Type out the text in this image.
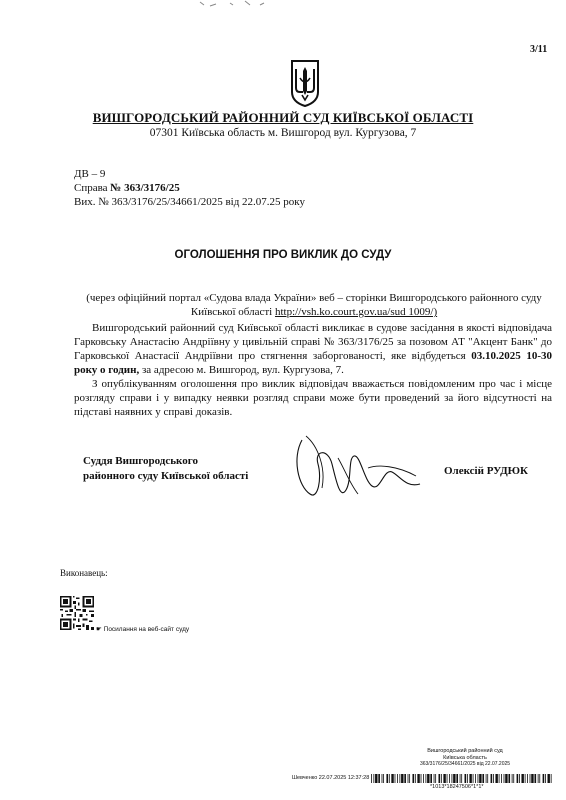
3/11
ВИШГОРОДСЬКИЙ РАЙОННИЙ СУД КИЇВСЬКОЇ ОБЛАСТІ
07301 Київська область м. Вишгород вул. Кургузова, 7
ДВ – 9
Справа № 363/3176/25
Вих. № 363/3176/25/34661/2025 від 22.07.25 року
ОГОЛОШЕННЯ ПРО ВИКЛИК ДО СУДУ
(через офіційний портал «Судова влада України» веб – сторінки Вишгородського районного суду Київської області http://vsh.ko.court.gov.ua/sud 1009/)

Вишгородський районний суд Київської області викликає в судове засідання в якості відповідача Гарковську Анастасію Андріївну у цивільній справі № 363/3176/25 за позовом АТ "Акцент Банк" до Гарковської Анастасії Андріївни про стягнення заборгованості, яке відбудеться 03.10.2025 10-30 року о годин, за адресою м. Вишгород, вул. Кургузова, 7.

З опублікуванням оголошення про виклик відповідач вважається повідомленим про час і місце розгляду справи і у випадку неявки розгляд справи може бути проведений за його відсутності на підставі наявних у справі доказів.

Суддя Вишгородського
районного суду Київської області	Олексій РУДЮК
Виконавець:
☛ Посилання на веб-сайт суду
Вишгородський районний суд
Київська область
363/3176/25/34661/2025 від 22.07.2025
Шевченко 22.07.2025 12:37:28
*1013*18247506*1*1*
